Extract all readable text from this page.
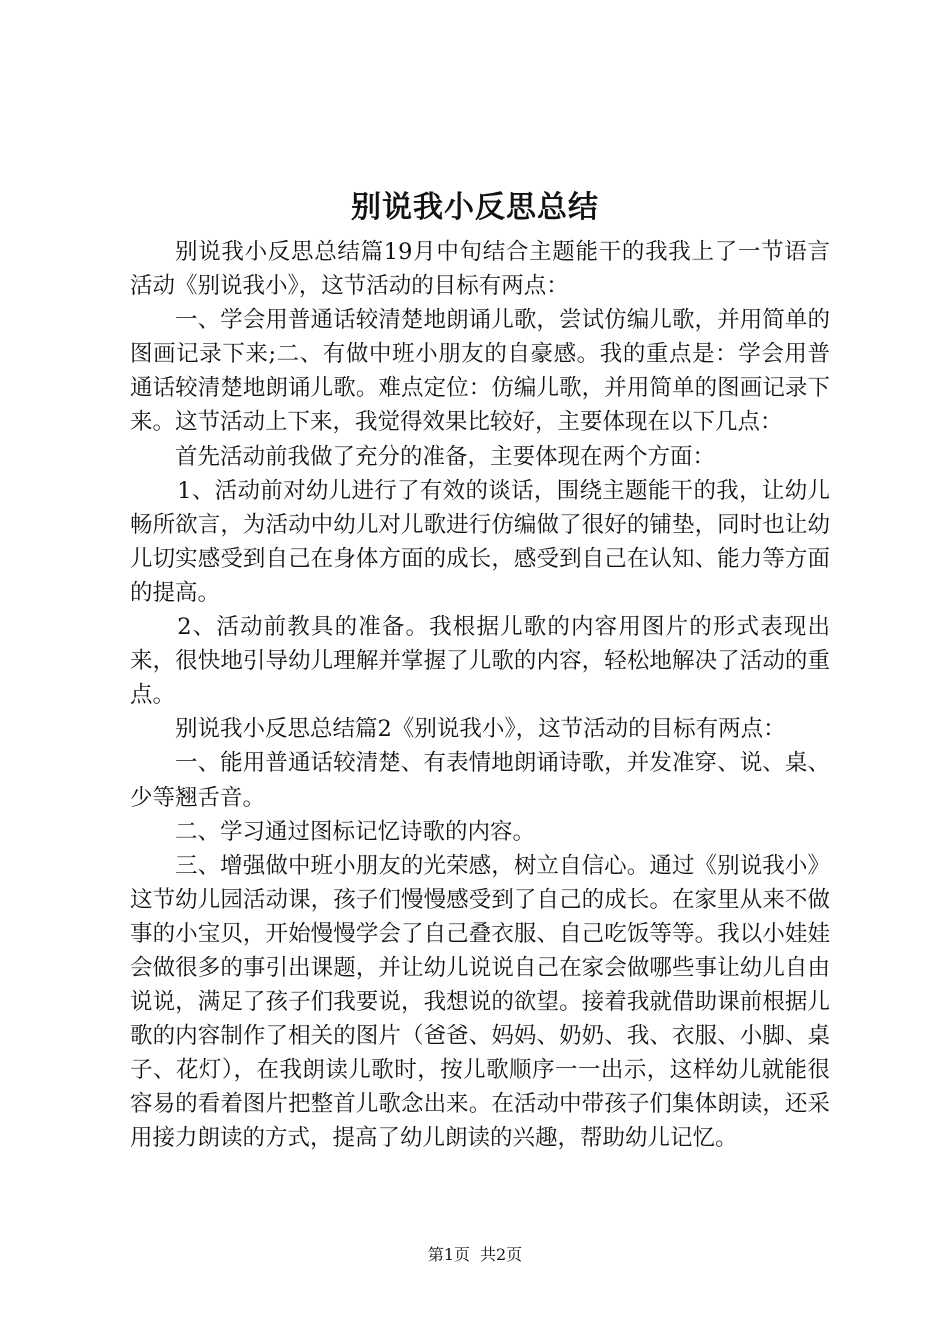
别说我小反思总结

别说我小反思总结篇19月中旬结合主题能干的我我上了一节语言活动《别说我小》，这节活动的目标有两点：

一、学会用普通话较清楚地朗诵儿歌，尝试仿编儿歌，并用简单的图画记录下来;二、有做中班小朋友的自豪感。我的重点是：学会用普通话较清楚地朗诵儿歌。难点定位：仿编儿歌，并用简单的图画记录下来。这节活动上下来，我觉得效果比较好，主要体现在以下几点：

首先活动前我做了充分的准备，主要体现在两个方面：

1、活动前对幼儿进行了有效的谈话，围绕主题能干的我，让幼儿畅所欲言，为活动中幼儿对儿歌进行仿编做了很好的铺垫，同时也让幼儿切实感受到自己在身体方面的成长，感受到自己在认知、能力等方面的提高。

2、活动前教具的准备。我根据儿歌的内容用图片的形式表现出来，很快地引导幼儿理解并掌握了儿歌的内容，轻松地解决了活动的重点。

别说我小反思总结篇2《别说我小》，这节活动的目标有两点：

一、能用普通话较清楚、有表情地朗诵诗歌，并发准穿、说、桌、少等翘舌音。

二、学习通过图标记忆诗歌的内容。

三、增强做中班小朋友的光荣感，树立自信心。通过《别说我小》这节幼儿园活动课，孩子们慢慢感受到了自己的成长。在家里从来不做事的小宝贝，开始慢慢学会了自己叠衣服、自己吃饭等等。我以小娃娃会做很多的事引出课题，并让幼儿说说自己在家会做哪些事让幼儿自由说说，满足了孩子们我要说，我想说的欲望。接着我就借助课前根据儿歌的内容制作了相关的图片（爸爸、妈妈、奶奶、我、衣服、小脚、桌子、花灯），在我朗读儿歌时，按儿歌顺序一一出示，这样幼儿就能很容易的看着图片把整首儿歌念出来。在活动中带孩子们集体朗读，还采用接力朗读的方式，提高了幼儿朗读的兴趣，帮助幼儿记忆。

第1页 共2页
